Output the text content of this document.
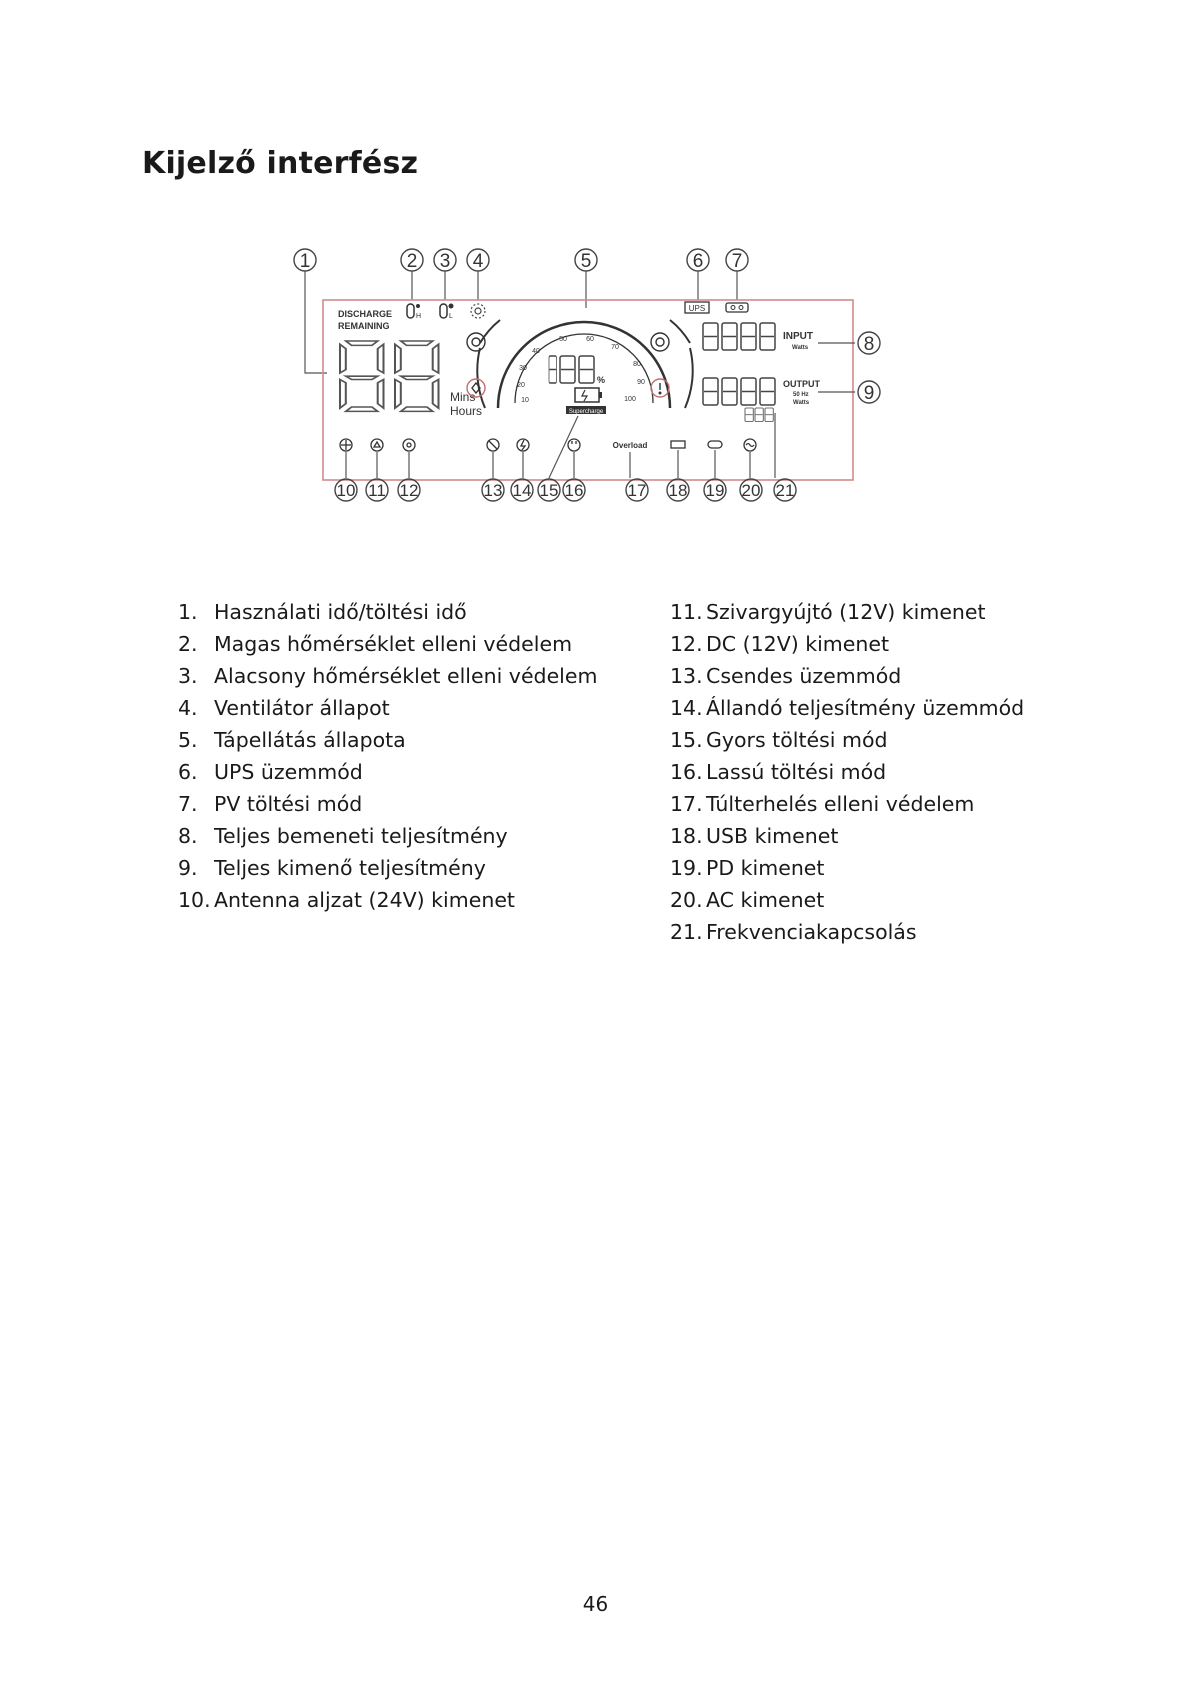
Kijelző interfész
1	2 3 4	5	6 7
DISCHARGE
REMAINING
Mins
Hours
H	L
10
20
30
40
50	60
70
80
90
100
%
Supercharge
UPS
INPUT
Watts
OUTPUT
50 Hz
Watts
8
9
Overload
10 11 12	13 14 15 16	17 18 19 20 21
1. Használati idő/töltési idő
2. Magas hőmérséklet elleni védelem
3. Alacsony hőmérséklet elleni védelem
4. Ventilátor állapot
5. Tápellátás állapota
6. UPS üzemmód
7. PV töltési mód
8. Teljes bemeneti teljesítmény
9. Teljes kimenő teljesítmény
10. Antenna aljzat (24V) kimenet
11. Szivargyújtó (12V) kimenet
12. DC (12V) kimenet
13. Csendes üzemmód
14. Állandó teljesítmény üzemmód
15. Gyors töltési mód
16. Lassú töltési mód
17. Túlterhelés elleni védelem
18. USB kimenet
19. PD kimenet
20. AC kimenet
21. Frekvenciakapcsolás
46
